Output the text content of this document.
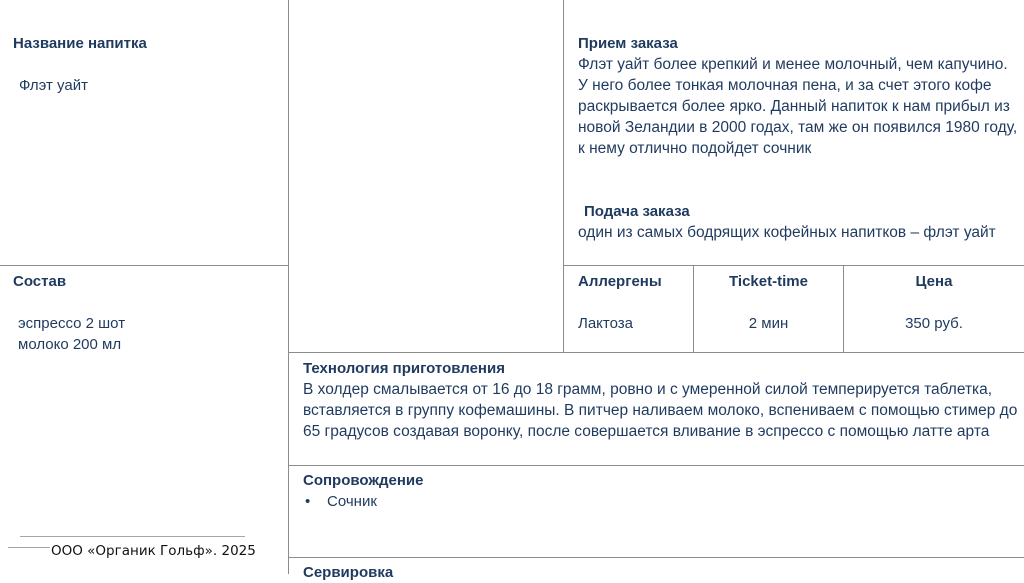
Название напитка
Флэт уайт
Состав
эспрессо 2 шот
молоко 200 мл
Прием заказа
Флэт уайт более крепкий и менее молочный, чем капучино. У него более тонкая молочная пена, и за счет этого кофе раскрывается более ярко. Данный напиток к нам прибыл из новой Зеландии в 2000 годах, там же он появился 1980 году, к нему отлично подойдет сочник
Подача заказа
один из самых бодрящих кофейных напитков – флэт уайт
Аллергены
Лактоза
Ticket-time
2 мин
Цена
350 руб.
Технология приготовления
В холдер смалывается от 16 до 18 грамм, ровно и с умеренной силой темперируется таблетка, вставляется в группу кофемашины. В питчер наливаем молоко, вспениваем с помощью стимер до 65 градусов создавая воронку, после совершается вливание в эспрессо с помощью латте арта
Сопровождение
• Сочник
Сервировка
ООО «Органик Гольф». 2025
